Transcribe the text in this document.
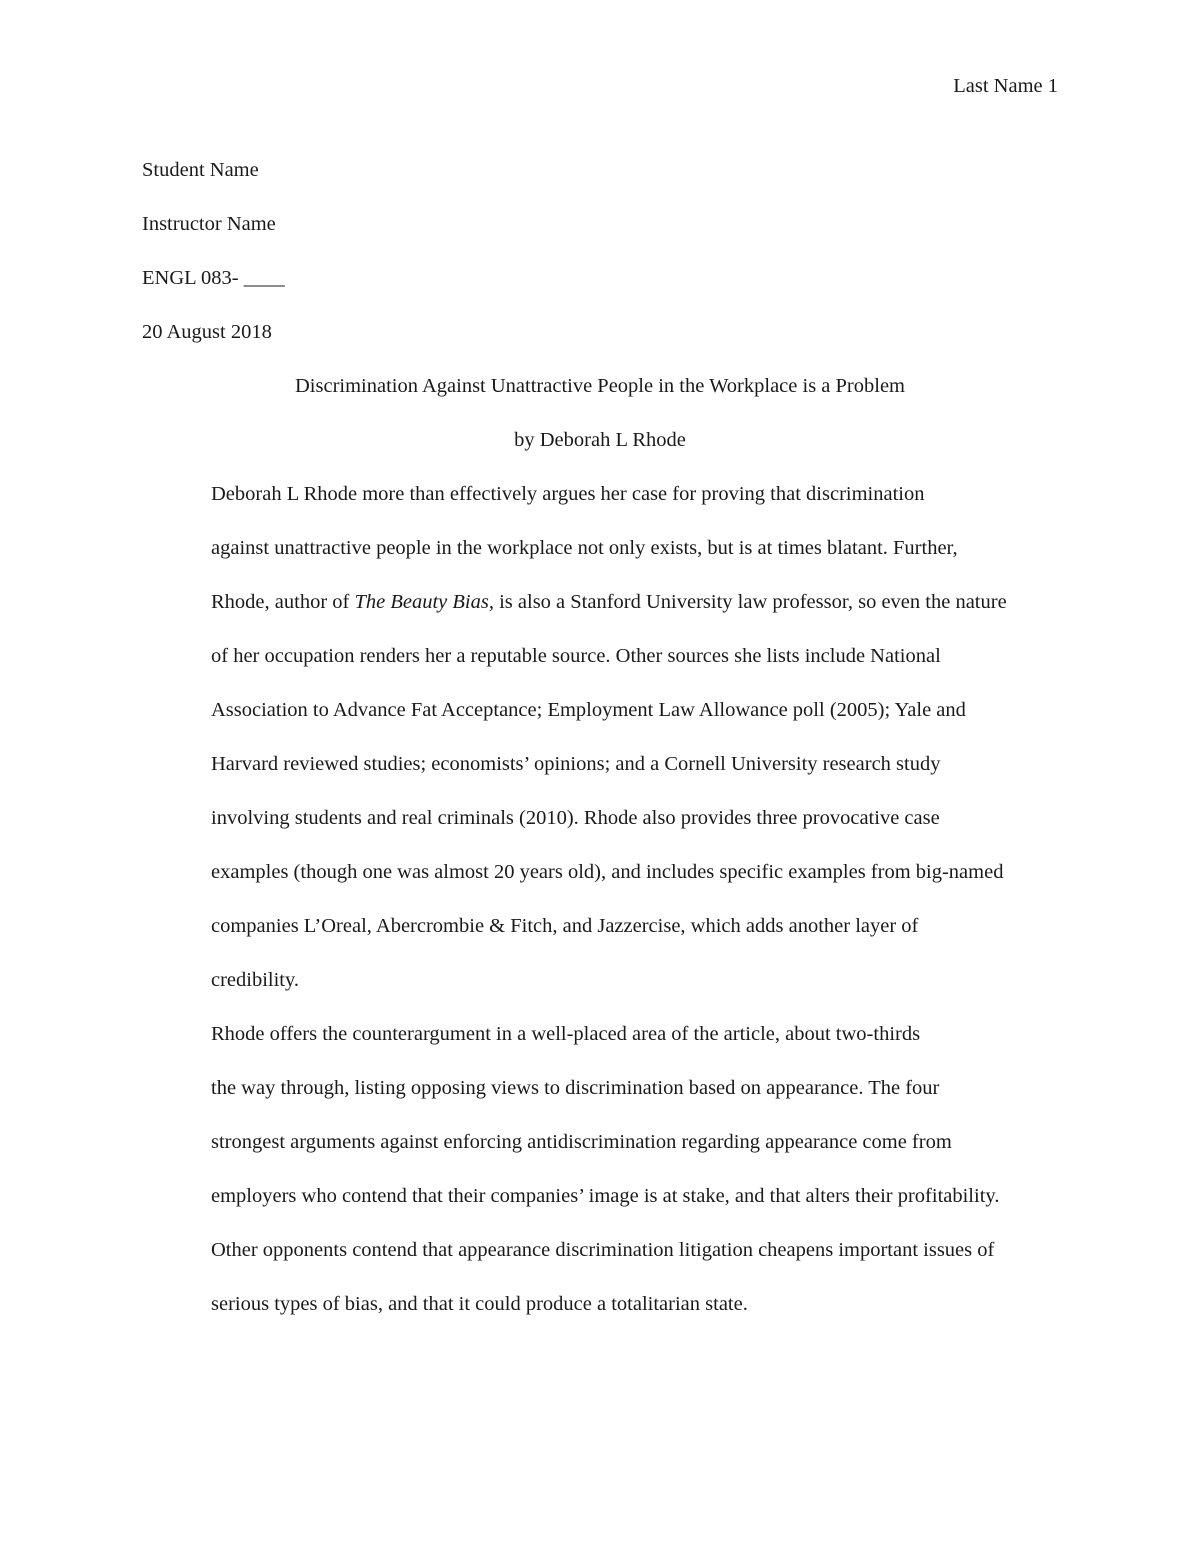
Last Name 1
Student Name
Instructor Name
ENGL 083- ____
20 August 2018
Discrimination Against Unattractive People in the Workplace is a Problem
by Deborah L Rhode

Deborah L Rhode more than effectively argues her case for proving that discrimination
against unattractive people in the workplace not only exists, but is at times blatant. Further,
Rhode, author of The Beauty Bias, is also a Stanford University law professor, so even the nature
of her occupation renders her a reputable source. Other sources she lists include National
Association to Advance Fat Acceptance; Employment Law Allowance poll (2005); Yale and
Harvard reviewed studies; economists’ opinions; and a Cornell University research study
involving students and real criminals (2010). Rhode also provides three provocative case
examples (though one was almost 20 years old), and includes specific examples from big-named
companies L’Oreal, Abercrombie & Fitch, and Jazzercise, which adds another layer of
credibility.

Rhode offers the counterargument in a well-placed area of the article, about two-thirds
the way through, listing opposing views to discrimination based on appearance. The four
strongest arguments against enforcing antidiscrimination regarding appearance come from
employers who contend that their companies’ image is at stake, and that alters their profitability.
Other opponents contend that appearance discrimination litigation cheapens important issues of
serious types of bias, and that it could produce a totalitarian state.
